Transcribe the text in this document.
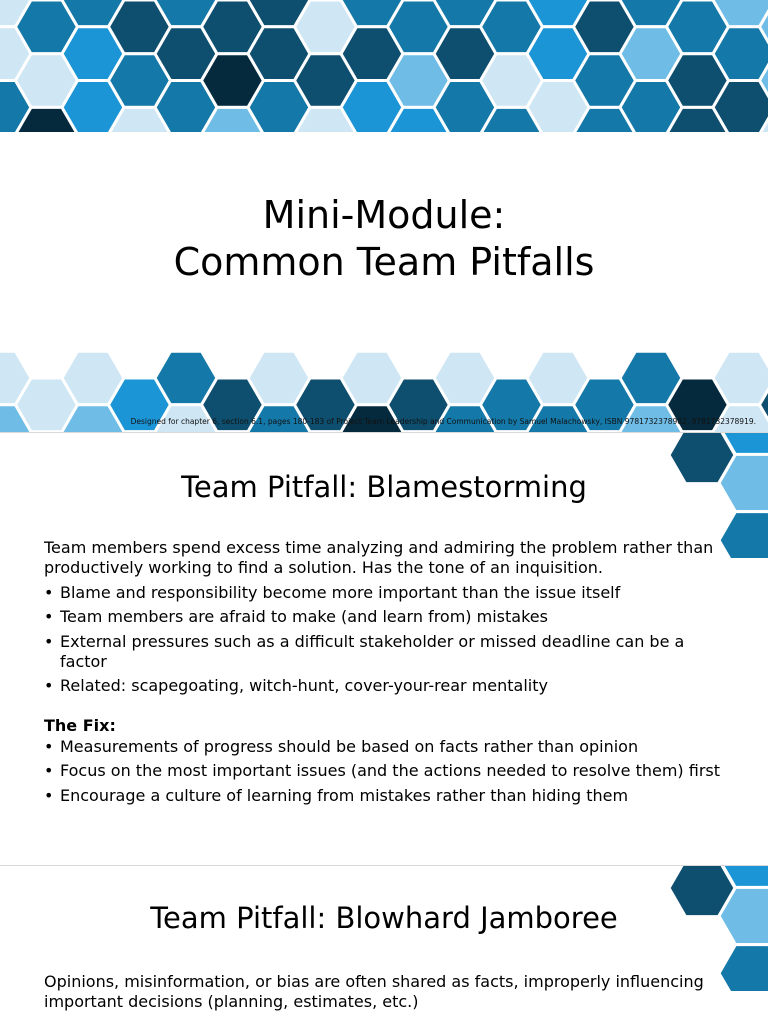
Mini-Module:
Common Team Pitfalls
Designed for chapter 6, section 6.1, pages 180-183 of Project Team Leadership and Communication by Samuel Malachowsky, ISBN 9781732378902, 9781732378919.
Team Pitfall: Blamestorming

Team members spend excess time analyzing and admiring the problem rather than productively working to find a solution. Has the tone of an inquisition.

• Blame and responsibility become more important than the issue itself
• Team members are afraid to make (and learn from) mistakes
• External pressures such as a difficult stakeholder or missed deadline can be a factor
• Related: scapegoating, witch-hunt, cover-your-rear mentality

The Fix:

• Measurements of progress should be based on facts rather than opinion
• Focus on the most important issues (and the actions needed to resolve them) first
• Encourage a culture of learning from mistakes rather than hiding them
Team Pitfall: Blowhard Jamboree

Opinions, misinformation, or bias are often shared as facts, improperly influencing important decisions (planning, estimates, etc.)
